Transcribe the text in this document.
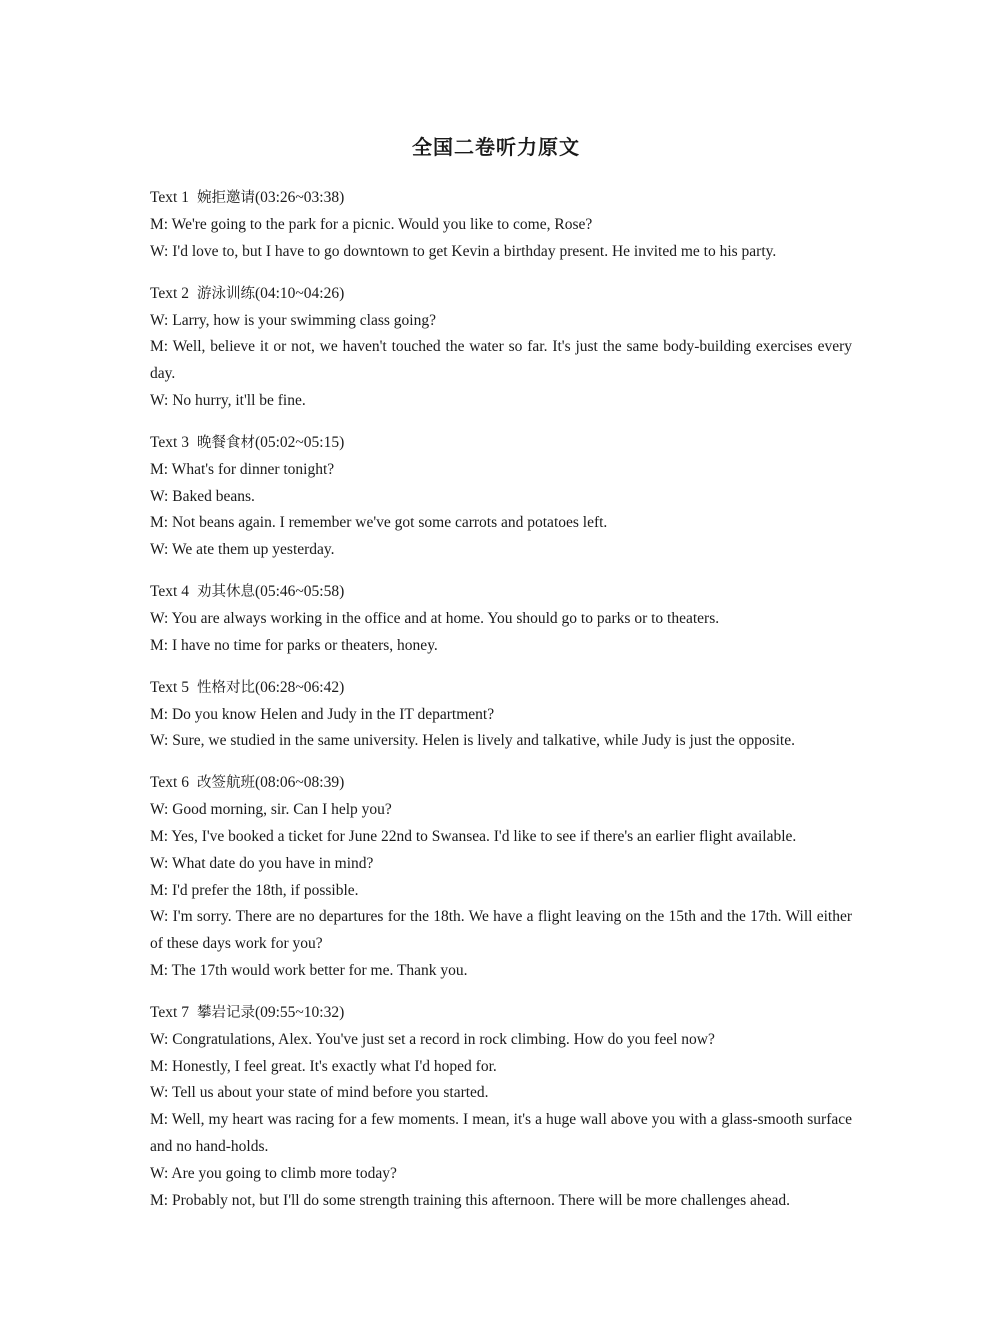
全国二卷听力原文
Text 1 婉拒邀请(03:26~03:38)
M: We're going to the park for a picnic. Would you like to come, Rose?
W: I'd love to, but I have to go downtown to get Kevin a birthday present. He invited me to his party.
Text 2 游泳训练(04:10~04:26)
W: Larry, how is your swimming class going?
M: Well, believe it or not, we haven't touched the water so far. It's just the same body-building exercises every day.
W: No hurry, it'll be fine.
Text 3 晚餐食材(05:02~05:15)
M: What's for dinner tonight?
W: Baked beans.
M: Not beans again. I remember we've got some carrots and potatoes left.
W: We ate them up yesterday.
Text 4 劝其休息(05:46~05:58)
W: You are always working in the office and at home. You should go to parks or to theaters.
M: I have no time for parks or theaters, honey.
Text 5 性格对比(06:28~06:42)
M: Do you know Helen and Judy in the IT department?
W: Sure, we studied in the same university. Helen is lively and talkative, while Judy is just the opposite.
Text 6 改签航班(08:06~08:39)
W: Good morning, sir. Can I help you?
M: Yes, I've booked a ticket for June 22nd to Swansea. I'd like to see if there's an earlier flight available.
W: What date do you have in mind?
M: I'd prefer the 18th, if possible.
W: I'm sorry. There are no departures for the 18th. We have a flight leaving on the 15th and the 17th. Will either of these days work for you?
M: The 17th would work better for me. Thank you.
Text 7 攀岩记录(09:55~10:32)
W: Congratulations, Alex. You've just set a record in rock climbing. How do you feel now?
M: Honestly, I feel great. It's exactly what I'd hoped for.
W: Tell us about your state of mind before you started.
M: Well, my heart was racing for a few moments. I mean, it's a huge wall above you with a glass-smooth surface and no hand-holds.
W: Are you going to climb more today?
M: Probably not, but I'll do some strength training this afternoon. There will be more challenges ahead.
